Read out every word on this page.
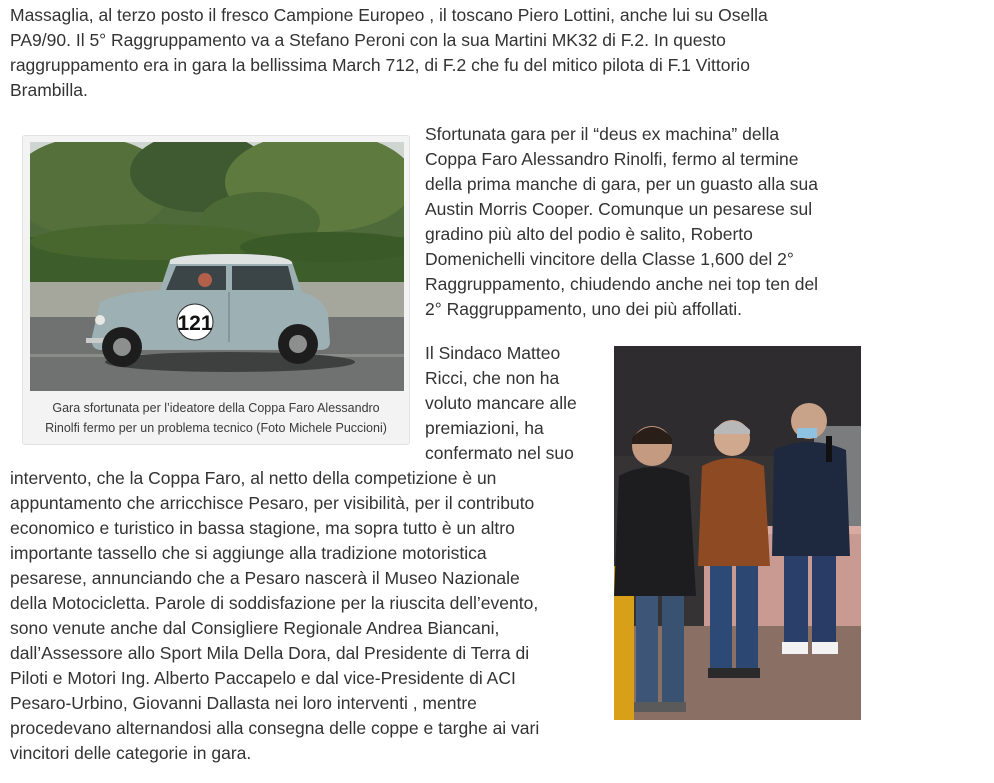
Massaglia, al terzo posto il fresco Campione Europeo , il toscano Piero Lottini, anche lui su Osella
PA9/90. Il 5° Raggruppamento va a Stefano Peroni con la sua Martini MK32 di F.2. In questo
raggruppamento era in gara la bellissima March 712, di F.2 che fu del mitico pilota di F.1 Vittorio
Brambilla.

121
Gara sfortunata per l’ideatore della Coppa Faro Alessandro
Rinolfi fermo per un problema tecnico (Foto Michele Puccioni)

Sfortunata gara per il “deus ex machina” della
Coppa Faro Alessandro Rinolfi, fermo al termine
della prima manche di gara, per un guasto alla sua
Austin Morris Cooper. Comunque un pesarese sul
gradino più alto del podio è salito, Roberto
Domenichelli vincitore della Classe 1,600 del 2°
Raggruppamento, chiudendo anche nei top ten del
2° Raggruppamento, uno dei più affollati.

Il Sindaco Matteo
Ricci, che non ha
voluto mancare alle
premiazioni, ha
confermato nel suo

intervento, che la Coppa Faro, al netto della competizione è un
appuntamento che arricchisce Pesaro, per visibilità, per il contributo
economico e turistico in bassa stagione, ma sopra tutto è un altro
importante tassello che si aggiunge alla tradizione motoristica
pesarese, annunciando che a Pesaro nascerà il Museo Nazionale
della Motocicletta. Parole di soddisfazione per la riuscita dell’evento,
sono venute anche dal Consigliere Regionale Andrea Biancani,
dall’Assessore allo Sport Mila Della Dora, dal Presidente di Terra di
Piloti e Motori Ing. Alberto Paccapelo e dal vice-Presidente di ACI
Pesaro-Urbino, Giovanni Dallasta nei loro interventi , mentre
procedevano alternandosi alla consegna delle coppe e targhe ai vari
vincitori delle categorie in gara.
